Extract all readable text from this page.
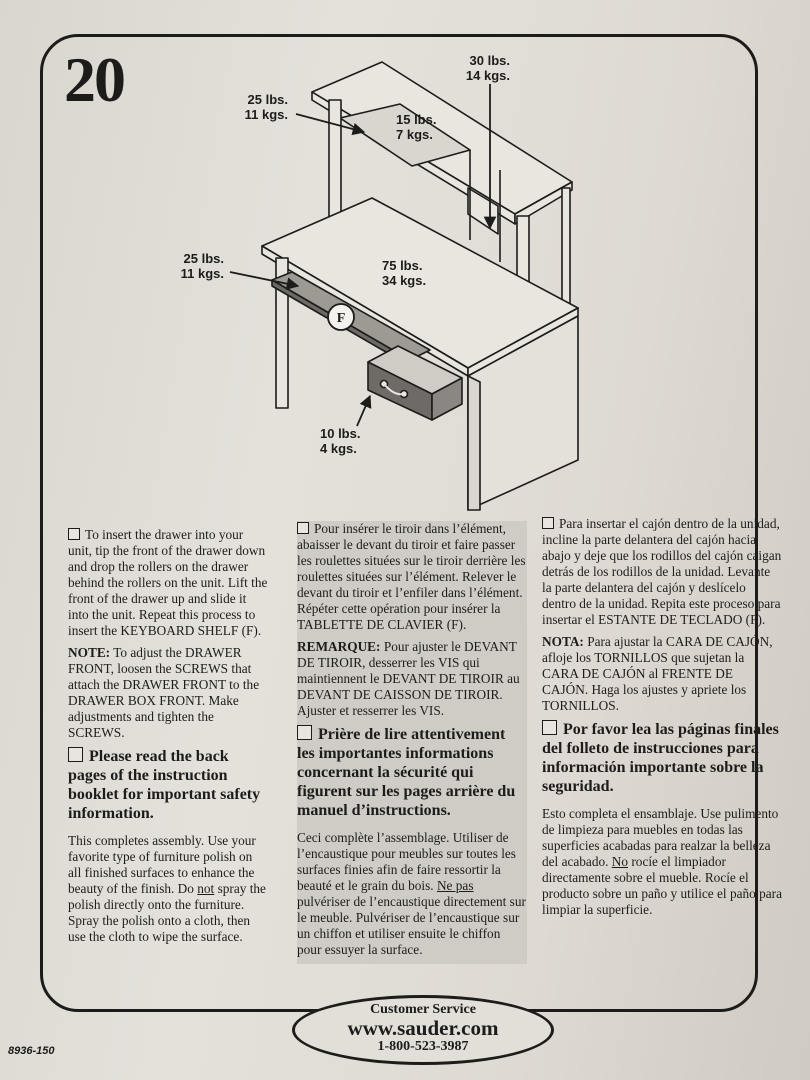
20
F
30 lbs.
14 kgs.
25 lbs.
11 kgs.	15 lbs.
7 kgs.
25 lbs.
11 kgs.
75 lbs.
34 kgs.
10 lbs.
4 kgs.

To insert the drawer into your unit, tip the front of the drawer down and drop the rollers on the drawer behind the rollers on the unit. Lift the front of the drawer up and slide it into the unit. Repeat this process to insert the KEYBOARD SHELF (F).

NOTE: To adjust the DRAWER FRONT, loosen the SCREWS that attach the DRAWER FRONT to the DRAWER BOX FRONT. Make adjustments and tighten the SCREWS.

Please read the back pages of the instruction booklet for important safety information.

This completes assembly. Use your favorite type of furniture polish on all finished surfaces to enhance the beauty of the finish. Do not spray the polish directly onto the furniture. Spray the polish onto a cloth, then use the cloth to wipe the surface.

Pour insérer le tiroir dans l’élément, abaisser le devant du tiroir et faire passer les roulettes situées sur le tiroir derrière les roulettes situées sur l’élément. Relever le devant du tiroir et l’enfiler dans l’élément. Répéter cette opération pour insérer la TABLETTE DE CLAVIER (F).

REMARQUE: Pour ajuster le DEVANT DE TIROIR, desserrer les VIS qui maintiennent le DEVANT DE TIROIR au DEVANT DE CAISSON DE TIROIR. Ajuster et resserrer les VIS.

Prière de lire attentivement les importantes informations concernant la sécurité qui figurent sur les pages arrière du manuel d’instructions.

Ceci complète l’assemblage. Utiliser de l’encaustique pour meubles sur toutes les surfaces finies afin de faire ressortir la beauté et le grain du bois. Ne pas pulvériser de l’encaustique directement sur le meuble. Pulvériser de l’encaustique sur un chiffon et utiliser ensuite le chiffon pour essuyer la surface.

Para insertar el cajón dentro de la unidad, incline la parte delantera del cajón hacia abajo y deje que los rodillos del cajón caigan detrás de los rodillos de la unidad. Levante la parte delantera del cajón y deslícelo dentro de la unidad. Repita este proceso para insertar el ESTANTE DE TECLADO (F).

NOTA: Para ajustar la CARA DE CAJÓN, afloje los TORNILLOS que sujetan la CARA DE CAJÓN al FRENTE DE CAJÓN. Haga los ajustes y apriete los TORNILLOS.

Por favor lea las páginas finales del folleto de instrucciones para información importante sobre la seguridad.

Esto completa el ensamblaje. Use pulimento de limpieza para muebles en todas las superficies acabadas para realzar la belleza del acabado. No rocíe el limpiador directamente sobre el mueble. Rocíe el producto sobre un paño y utilice el paño para limpiar la superficie.

Customer Service
www.sauder.com
1-800-523-3987
8936-150
